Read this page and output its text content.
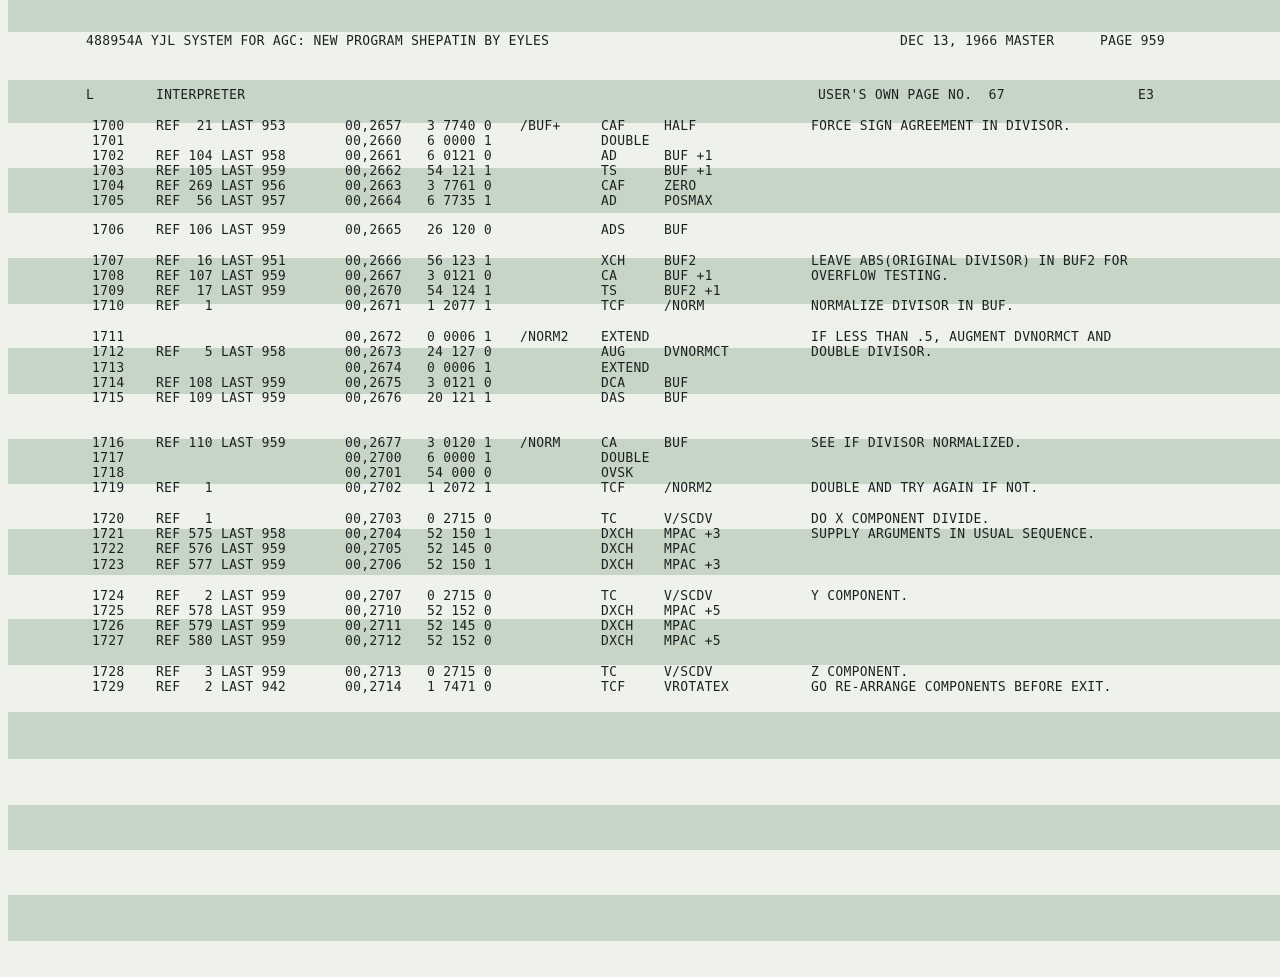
488954A YJL SYSTEM FOR AGC: NEW PROGRAM SHEPATIN BY EYLES	DEC 13, 1966 MASTER	PAGE 959
L	INTERPRETER	USER'S OWN PAGE NO.  67	E3
1700 REF  21 LAST 953	00,2657 3 7740 0 /BUF+	CAF	HALF	FORCE SIGN AGREEMENT IN DIVISOR.
1701	00,2660 6 0000 1	DOUBLE
1702 REF 104 LAST 958	00,2661 6 0121 0	AD	BUF +1
1703 REF 105 LAST 959	00,2662 54 121 1	TS	BUF +1
1704 REF 269 LAST 956	00,2663 3 7761 0	CAF	ZERO
1705 REF  56 LAST 957	00,2664 6 7735 1	AD	POSMAX
1706 REF 106 LAST 959	00,2665 26 120 0	ADS	BUF
1707 REF  16 LAST 951	00,2666 56 123 1	XCH	BUF2	LEAVE ABS(ORIGINAL DIVISOR) IN BUF2 FOR
1708 REF 107 LAST 959	00,2667 3 0121 0	CA	BUF +1	OVERFLOW TESTING.
1709 REF  17 LAST 959	00,2670 54 124 1	TS	BUF2 +1
1710 REF   1	00,2671 1 2077 1	TCF	/NORM	NORMALIZE DIVISOR IN BUF.
1711	00,2672 0 0006 1 /NORM2 EXTEND	IF LESS THAN .5, AUGMENT DVNORMCT AND
1712 REF   5 LAST 958	00,2673 24 127 0	AUG	DVNORMCT	DOUBLE DIVISOR.
1713	00,2674 0 0006 1	EXTEND
1714 REF 108 LAST 959	00,2675 3 0121 0	DCA	BUF
1715 REF 109 LAST 959	00,2676 20 121 1	DAS	BUF
1716 REF 110 LAST 959	00,2677 3 0120 1 /NORM	CA	BUF	SEE IF DIVISOR NORMALIZED.
1717	00,2700 6 0000 1	DOUBLE
1718	00,2701 54 000 0	OVSK
1719 REF   1	00,2702 1 2072 1	TCF	/NORM2	DOUBLE AND TRY AGAIN IF NOT.
1720 REF   1	00,2703 0 2715 0	TC	V/SCDV	DO X COMPONENT DIVIDE.
1721 REF 575 LAST 958	00,2704 52 150 1	DXCH MPAC +3	SUPPLY ARGUMENTS IN USUAL SEQUENCE.
1722 REF 576 LAST 959	00,2705 52 145 0	DXCH MPAC
1723 REF 577 LAST 959	00,2706 52 150 1	DXCH MPAC +3
1724 REF   2 LAST 959	00,2707 0 2715 0	TC	V/SCDV	Y COMPONENT.
1725 REF 578 LAST 959	00,2710 52 152 0	DXCH MPAC +5
1726 REF 579 LAST 959	00,2711 52 145 0	DXCH MPAC
1727 REF 580 LAST 959	00,2712 52 152 0	DXCH MPAC +5
1728 REF   3 LAST 959	00,2713 0 2715 0	TC	V/SCDV	Z COMPONENT.
1729 REF   2 LAST 942	00,2714 1 7471 0	TCF	VROTATEX	GO RE-ARRANGE COMPONENTS BEFORE EXIT.
